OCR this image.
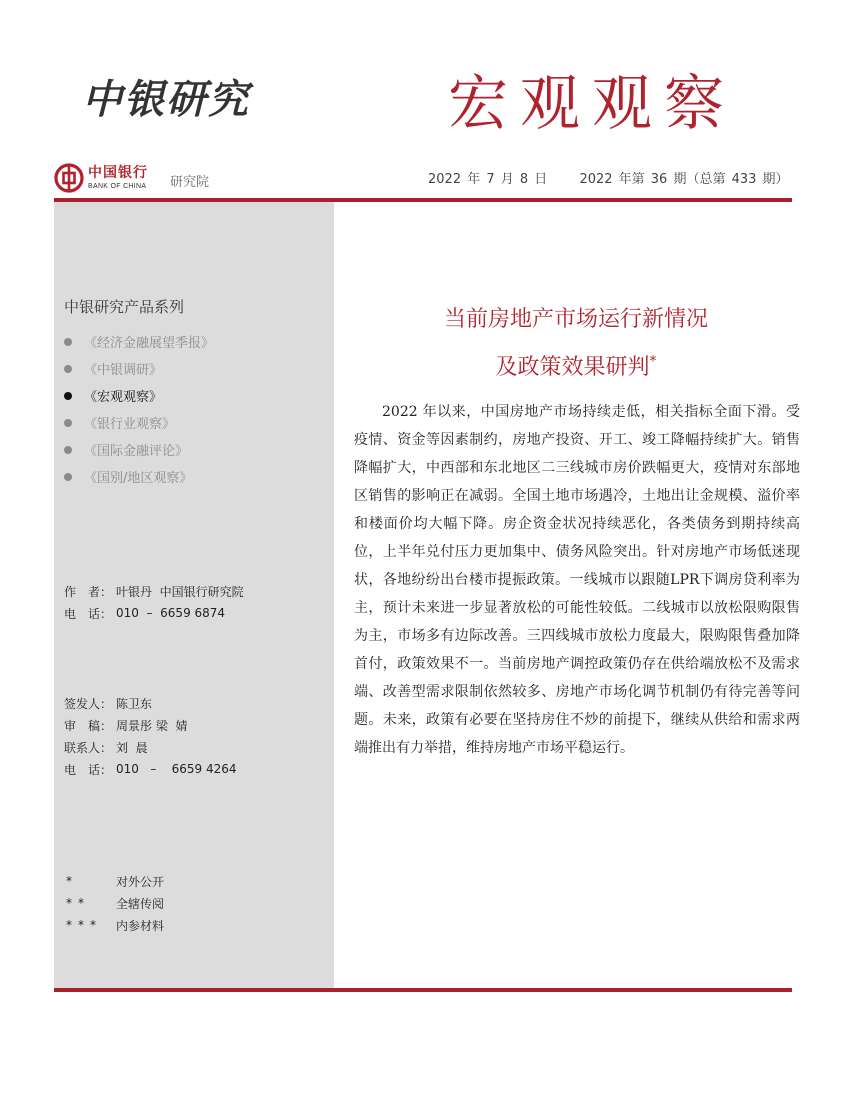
中银研究	宏观观察
中国银行
BANK OF CHINA 研究院	2022 年 7 月 8 日 2022 年第 36 期（总第 433 期）
中银研究产品系列
《经济金融展望季报》
《中银调研》
《宏观观察》
《银行业观察》
《国际金融评论》
《国别/地区观察》
作　者： 叶银丹  中国银行研究院
电　话： 010  –  6659 6874
签发人： 陈卫东
审　稿： 周景彤 梁  婧
联系人： 刘  晨
电　话： 010   –    6659 4264
*	对外公开
**	全辖传阅
***	内参材料
当前房地产市场运行新情况
及政策效果研判*

2022 年以来，中国房地产市场持续走低，相关指标全面下滑。受疫情、资金等因素制约，房地产投资、开工、竣工降幅持续扩大。销售降幅扩大，中西部和东北地区二三线城市房价跌幅更大，疫情对东部地区销售的影响正在减弱。全国土地市场遇冷，土地出让金规模、溢价率和楼面价均大幅下降。房企资金状况持续恶化，各类债务到期持续高位，上半年兑付压力更加集中、债务风险突出。针对房地产市场低迷现状，各地纷纷出台楼市提振政策。一线城市以跟随LPR下调房贷利率为主，预计未来进一步显著放松的可能性较低。二线城市以放松限购限售为主，市场多有边际改善。三四线城市放松力度最大，限购限售叠加降首付，政策效果不一。当前房地产调控政策仍存在供给端放松不及需求端、改善型需求限制依然较多、房地产市场化调节机制仍有待完善等问题。未来，政策有必要在坚持房住不炒的前提下，继续从供给和需求两端推出有力举措，维持房地产市场平稳运行。
